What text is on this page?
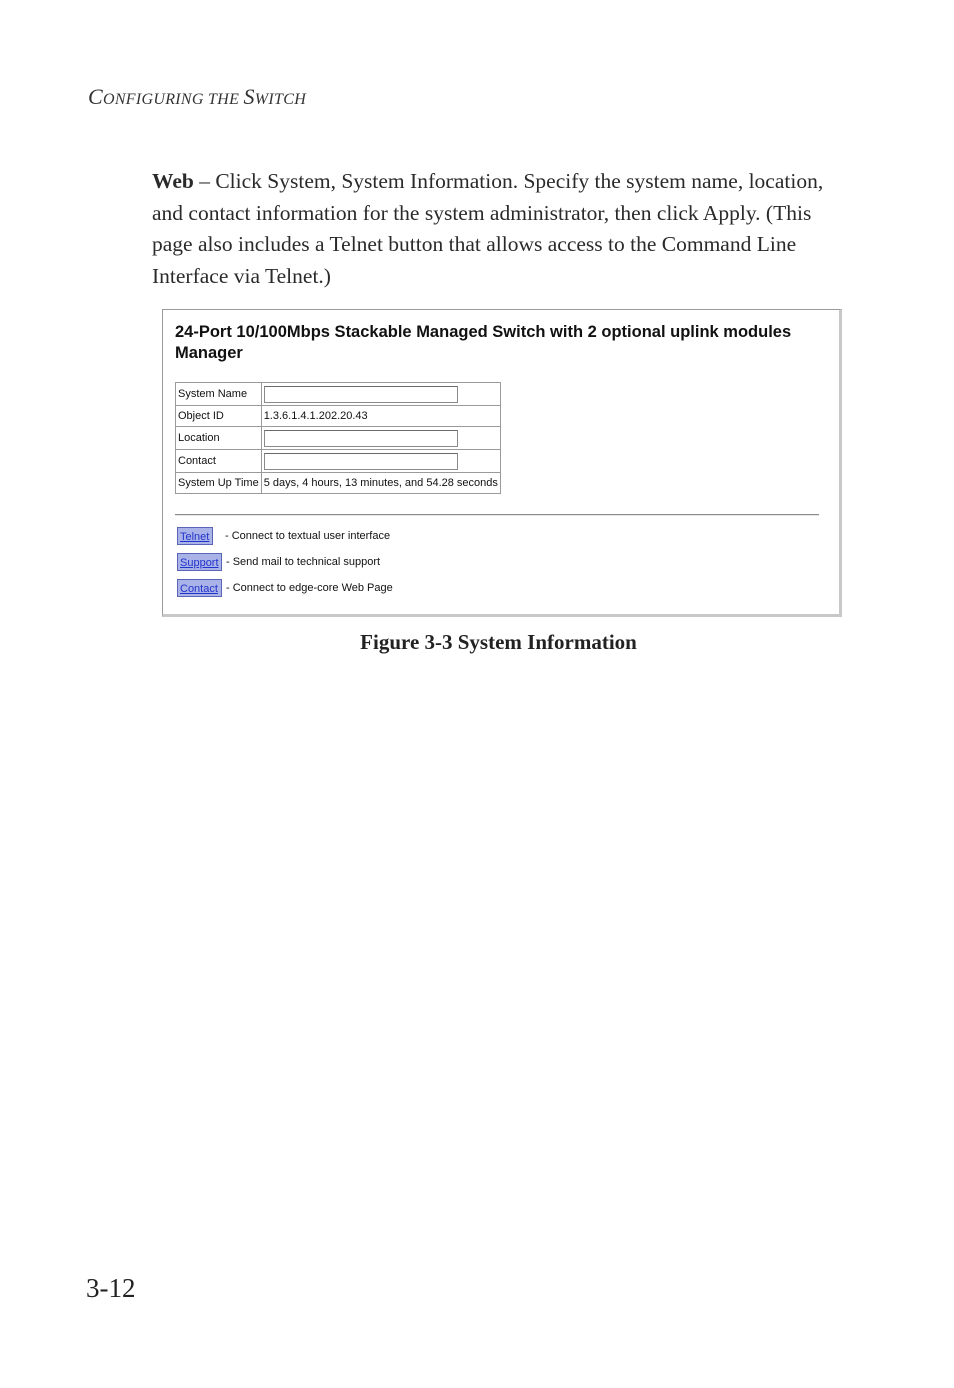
CONFIGURING THE SWITCH
Web – Click System, System Information. Specify the system name, location, and contact information for the system administrator, then click Apply. (This page also includes a Telnet button that allows access to the Command Line Interface via Telnet.)
24-Port 10/100Mbps Stackable Managed Switch with 2 optional uplink modules Manager
System Name	
Object ID	1.3.6.1.4.1.202.20.43
Location	
Contact	
System Up Time	5 days, 4 hours, 13 minutes, and 54.28 seconds
Telnet	- Connect to textual user interface
Support - Send mail to technical support
Contact - Connect to edge-core Web Page
Figure 3-3 System Information
3-12
